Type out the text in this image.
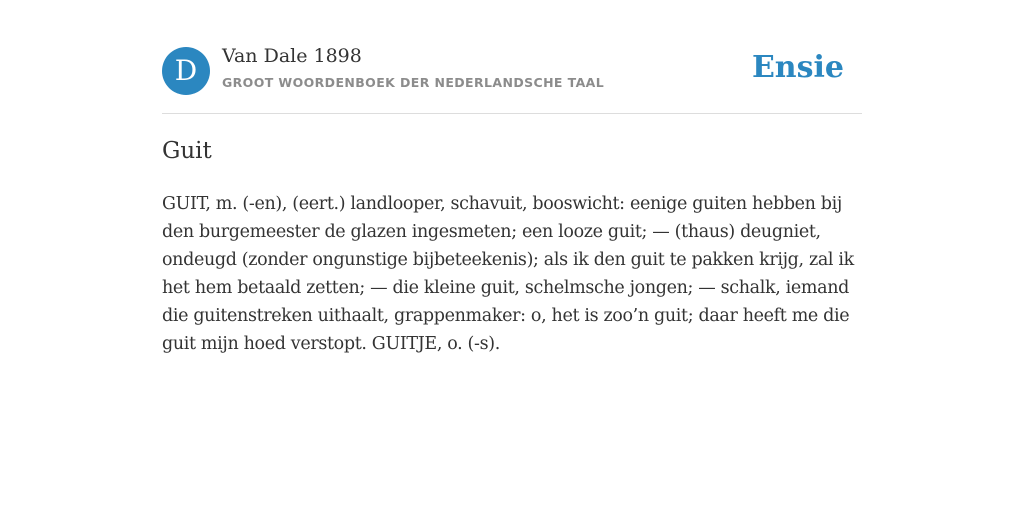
D	Van Dale 1898
GROOT WOORDENBOEK DER NEDERLANDSCHE TAAL	Ensie
Guit

GUIT, m. (-en), (eert.) landlooper, schavuit, booswicht: eenige guiten hebben bij den burgemeester de glazen ingesmeten; een looze guit; — (thaus) deugniet, ondeugd (zonder ongunstige bijbeteekenis); als ik den guit te pakken krijg, zal ik het hem betaald zetten; — die kleine guit, schelmsche jongen; — schalk, iemand die guitenstreken uithaalt, grappenmaker: o, het is zoo’n guit; daar heeft me die guit mijn hoed verstopt. GUITJE, o. (-s).
